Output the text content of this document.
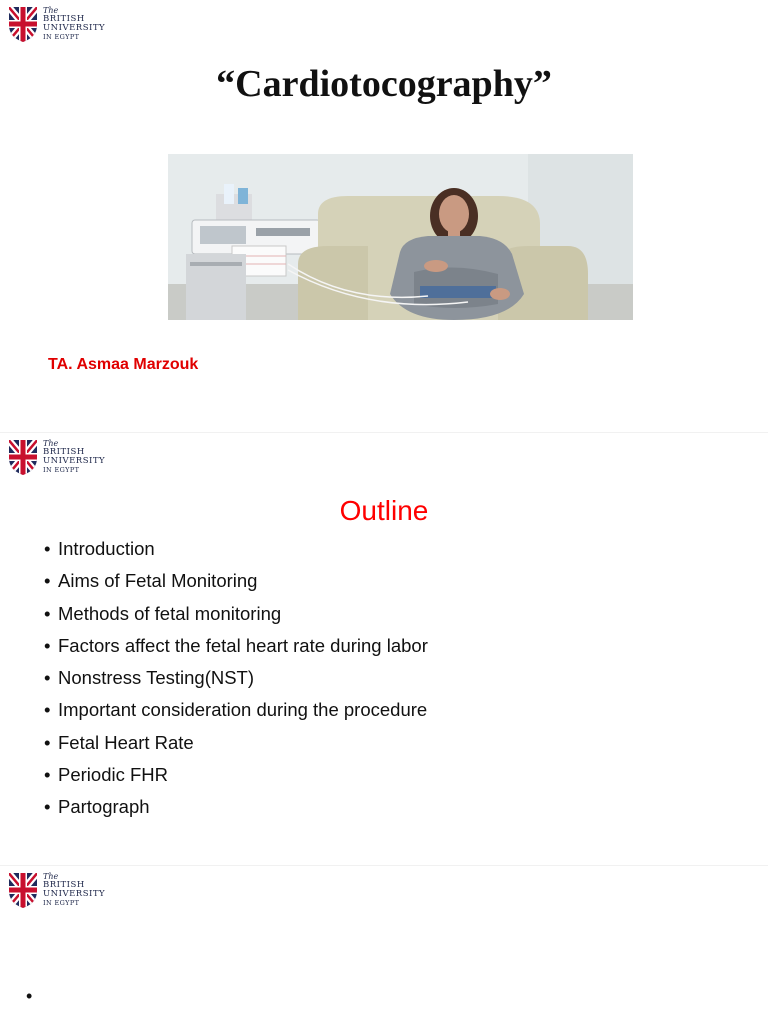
The
BRITISH
UNIVERSITY
IN EGYPT
“Cardiotocography”
TA. Asmaa Marzouk
The
BRITISH
UNIVERSITY
IN EGYPT
Outline
• Introduction
• Aims of Fetal Monitoring
• Methods of fetal monitoring
• Factors affect the fetal heart rate during labor
• Nonstress Testing(NST)
• Important consideration during the procedure
• Fetal Heart Rate
• Periodic FHR
• Partograph
The
BRITISH
UNIVERSITY
IN EGYPT
•
